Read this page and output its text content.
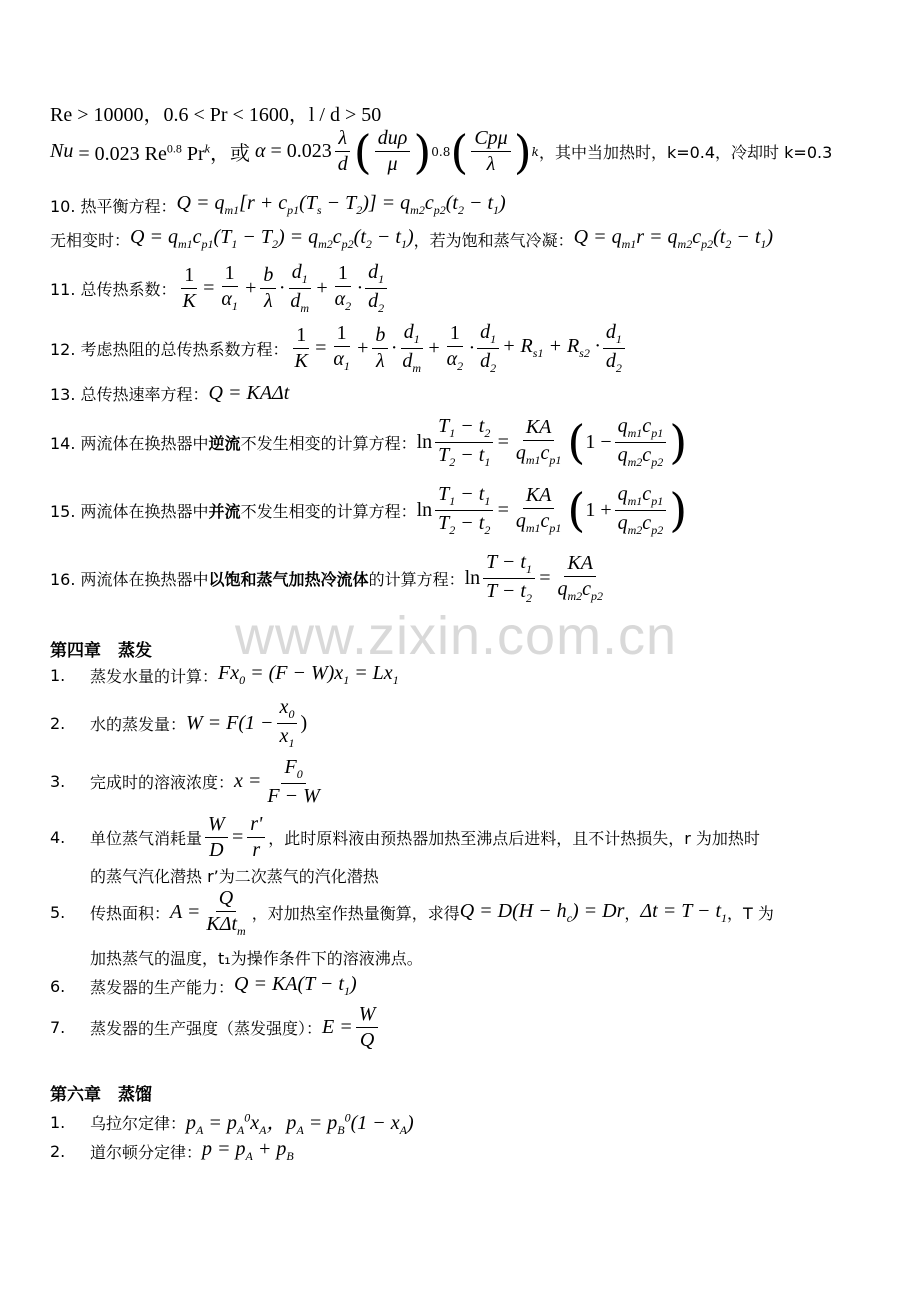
Re > 10000，0.6 < Pr < 1600，l / d > 50
Nu = 0.023 $Re^{0.8}$ Pr$^k$，或 $\alpha = 0.023 \frac{\lambda}{d}$ ( $\frac{\text{duρ}}{\mu}$ ) 0.8 ( $\frac{\text{Cpμ}}{\lambda}$ ) k ，其中当加热时，k=0.4，冷却时 k=0.3
10. 热平衡方程： $Q = q_{m1}[r + c_{p1}(T_s - T_2)] = q_{m2}c_{p2}(t_2 - t_1)$
无相变时： $Q = q_{m1}c_{p1}(T_1 - T_2) = q_{m2}c_{p2}(t_2 - t_1)$ ，若为饱和蒸气冷凝： $Q = q_{m1}r = q_{m2}c_{p2}(t_2 - t_1)$
11. 总传热系数： $\frac{1}{K} = \frac{1}{\alpha_1} + \frac{b}{\lambda} \cdot \frac{d_1}{d_m} + \frac{1}{\alpha_2} \cdot \frac{d_1}{d_2}$
12. 考虑热阻的总传热系数方程： $\frac{1}{K} = \frac{1}{\alpha_1} + \frac{b}{\lambda} \cdot \frac{d_1}{d_m} + \frac{1}{\alpha_2} \cdot \frac{d_1}{d_2} + R_{s1} + R_{s2} \cdot \frac{d_1}{d_2}$
13. 总传热速率方程： Q = KAΔt
14. 两流体在换热器中 逆流 不发生相变的计算方程： $\ln \frac{T_1 - t_2}{T_2 - t_1} = \frac{KA}{q_{m1}c_{p1}}$ ( $1 - \frac{q_{m1}c_{p1}}{q_{m2}c_{p2}}$ )
15. 两流体在换热器中 并流 不发生相变的计算方程： $\ln \frac{T_1 - t_1}{T_2 - t_2} = \frac{KA}{q_{m1}c_{p1}}$ ( $1 + \frac{q_{m1}c_{p1}}{q_{m2}c_{p2}}$ )
16. 两流体在换热器中 以饱和蒸气加热冷流体 的计算方程： $\ln \frac{T - t_1}{T - t_2} = \frac{KA}{q_{m2}c_{p2}}$
www.zixin.com.cn
第四章　蒸发
1.	蒸发水量的计算： $Fx_0 = (F - W)x_1 = Lx_1$
2.	水的蒸发量： $W = F(1 - \frac{x_0}{x_1}$ )
3.	完成时的溶液浓度： $x = \frac{F_0}{F - W}$
4.	单位蒸气消耗量 $\frac{W}{D} = \frac{r'}{r}$ ，此时原料液由预热器加热至沸点后进料，且不计热损失，r 为加热时
的蒸气汽化潜热 r’为二次蒸气的汽化潜热
5.	传热面积： $A = \frac{Q}{K\Delta t_m}$ ，对加热室作热量衡算，求得 $Q = D(H - h_c) = Dr$ ， $\Delta t = T - t_1$ ，T 为
加热蒸气的温度，t₁为操作条件下的溶液沸点。
6.	蒸发器的生产能力： $Q = KA(T - t_1)$
7.	蒸发器的生产强度（蒸发强度）： $E = \frac{W}{Q}$
第六章　蒸馏
1.	乌拉尔定律： $p_A = p_A^0x_A$，$p_A = p_B^0(1 - x_A)$
2.	道尔顿分定律： $p = p_A + p_B$
